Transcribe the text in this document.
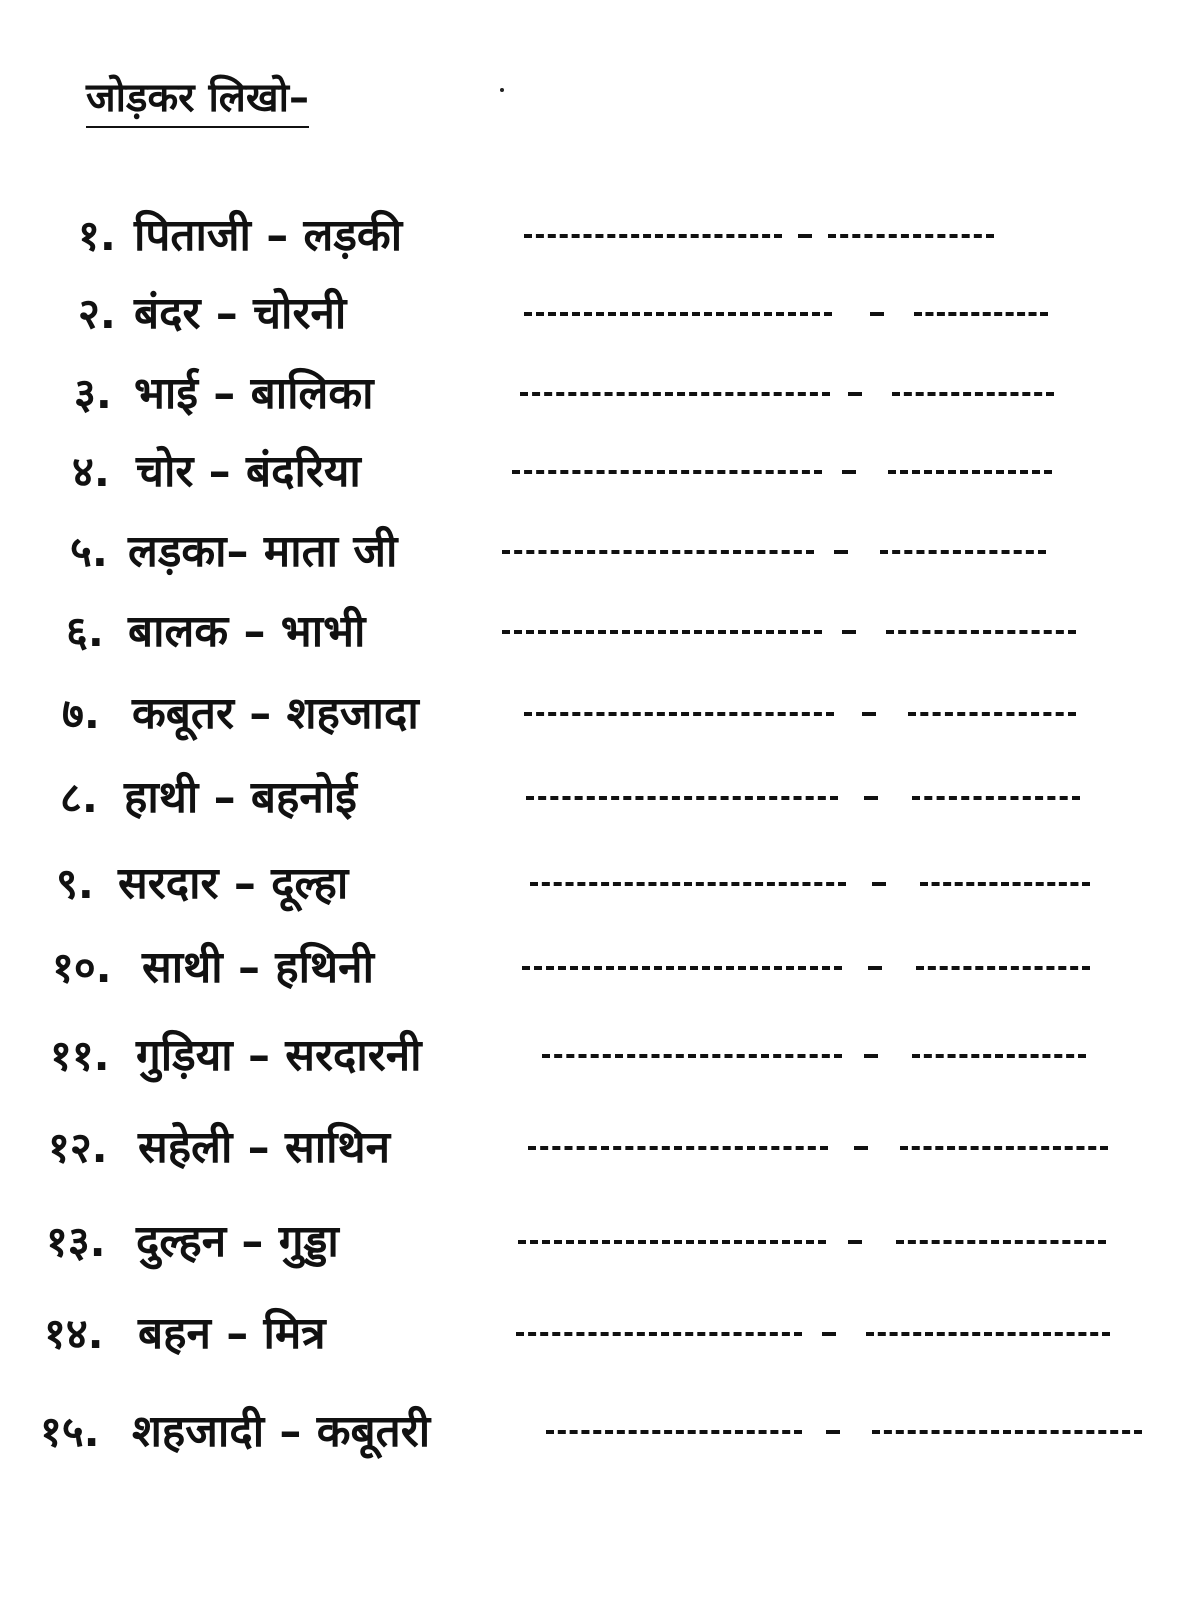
जोड़कर लिखो–
१. पिताजी – लड़की
२. बंदर – चोरनी
३. भाई – बालिका
४. चोर – बंदरिया
५. लड़का– माता जी
६. बालक – भाभी
७. कबूतर – शहजादा
८. हाथी – बहनोई
९. सरदार – दूल्हा
१०. साथी – हथिनी
११. गुड़िया – सरदारनी
१२. सहेली – साथिन
१३. दुल्हन – गुड्डा
१४. बहन – मित्र
१५. शहजादी – कबूतरी
